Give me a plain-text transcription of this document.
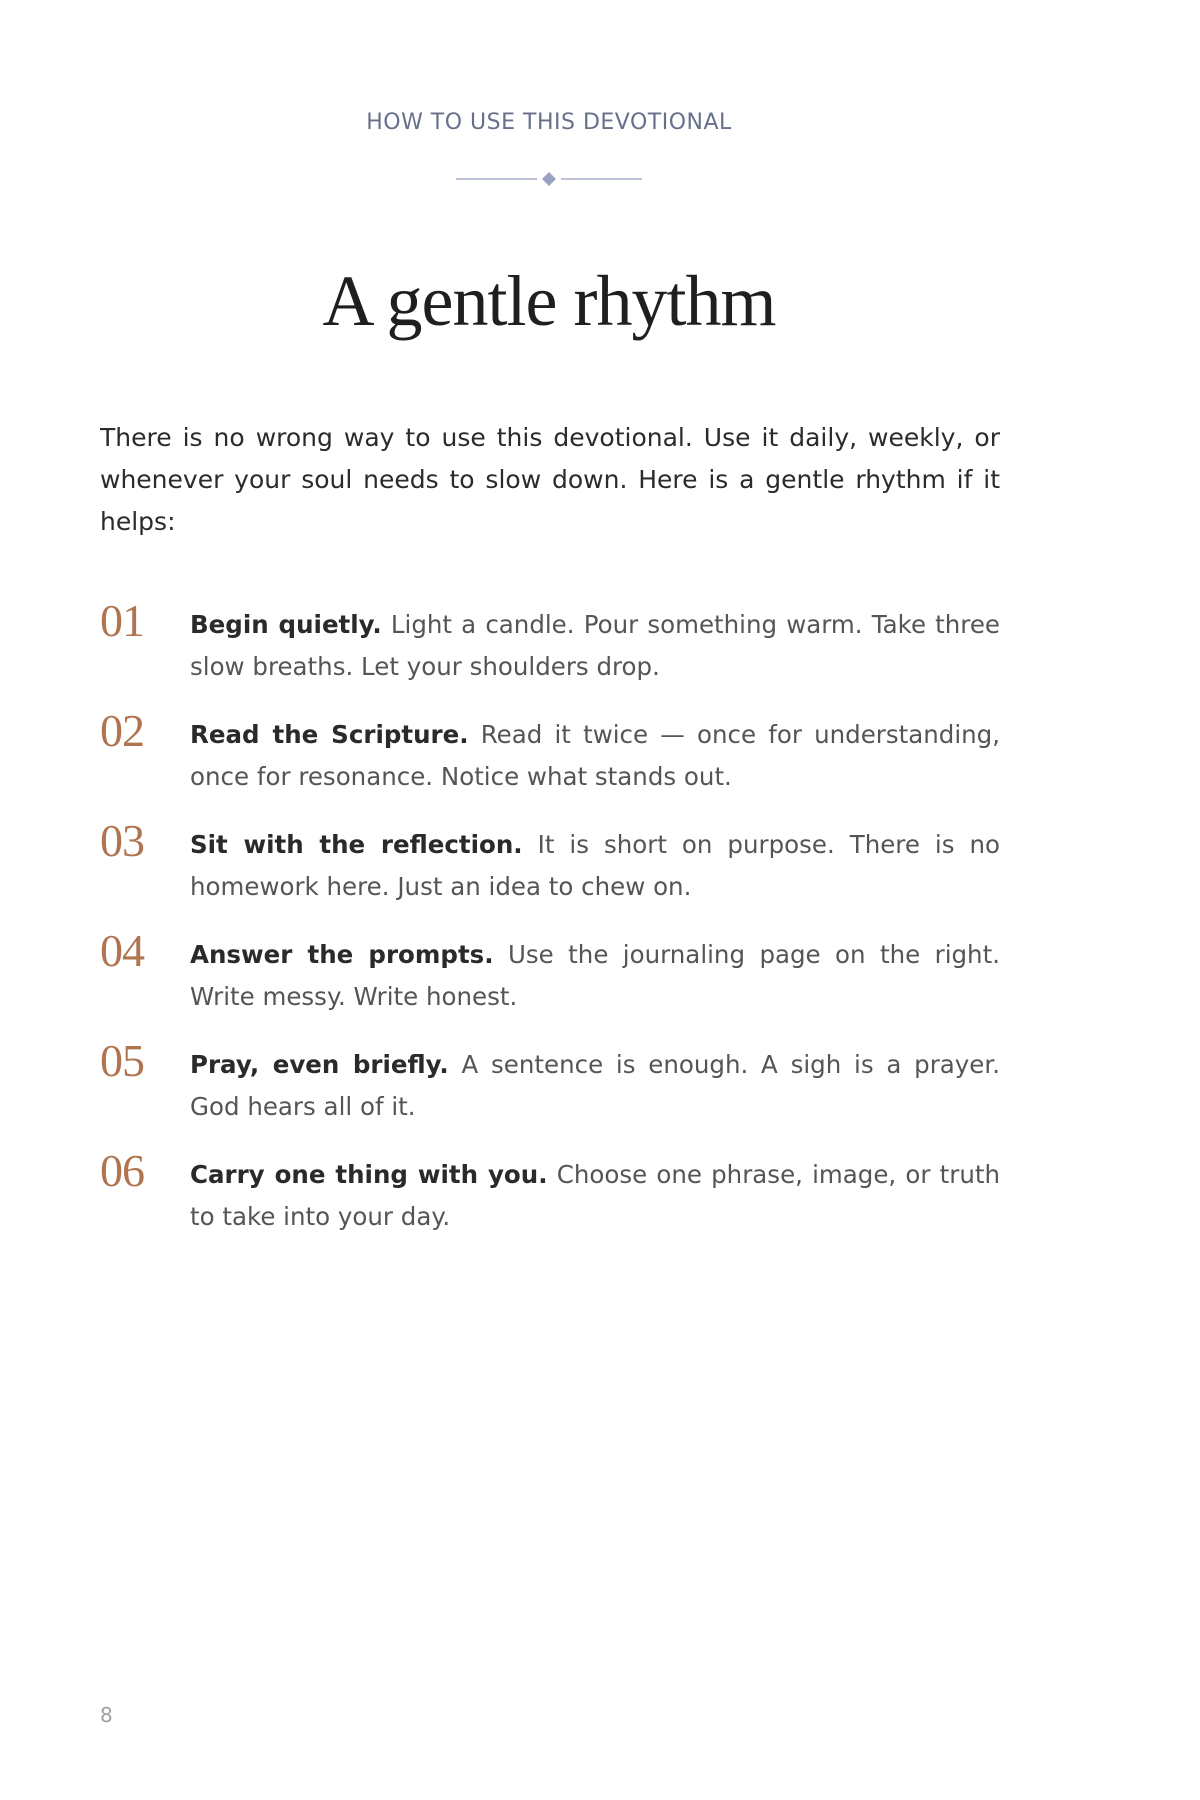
HOW TO USE THIS DEVOTIONAL
A gentle rhythm

There is no wrong way to use this devotional. Use it daily, weekly, or whenever your soul needs to slow down. Here is a gentle rhythm if it helps:

01 Begin quietly. Light a candle. Pour something warm. Take three slow breaths. Let your shoulders drop.

02 Read the Scripture. Read it twice — once for understanding, once for resonance. Notice what stands out.

03 Sit with the reflection. It is short on purpose. There is no homework here. Just an idea to chew on.

04 Answer the prompts. Use the journaling page on the right. Write messy. Write honest.

05 Pray, even briefly. A sentence is enough. A sigh is a prayer. God hears all of it.

06 Carry one thing with you. Choose one phrase, image, or truth to take into your day.

8
